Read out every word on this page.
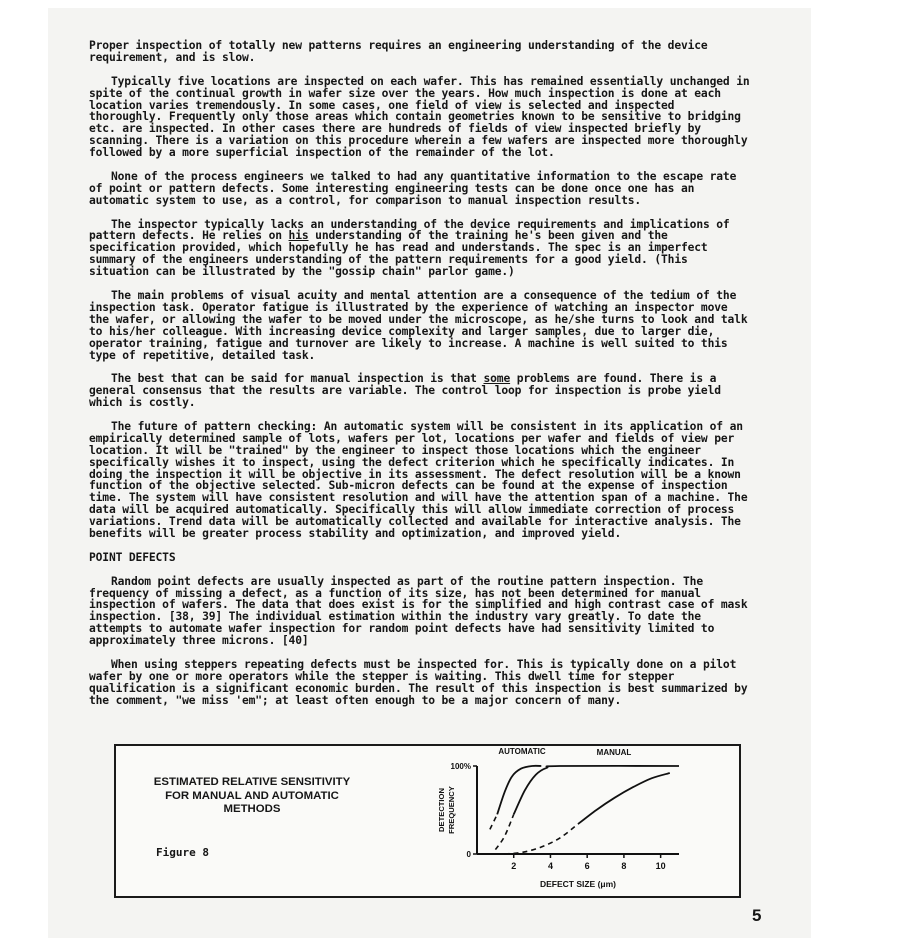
Proper inspection of totally new patterns requires an engineering understanding of the device requirement, and is slow.

Typically five locations are inspected on each wafer. This has remained essentially unchanged in spite of the continual growth in wafer size over the years. How much inspection is done at each location varies tremendously. In some cases, one field of view is selected and inspected thoroughly. Frequently only those areas which contain geometries known to be sensitive to bridging etc. are inspected. In other cases there are hundreds of fields of view inspected briefly by scanning. There is a variation on this procedure wherein a few wafers are inspected more thoroughly followed by a more superficial inspection of the remainder of the lot.

None of the process engineers we talked to had any quantitative information to the escape rate of point or pattern defects. Some interesting engineering tests can be done once one has an automatic system to use, as a control, for comparison to manual inspection results.

The inspector typically lacks an understanding of the device requirements and implications of pattern defects. He relies on his understanding of the training he's been given and the specification provided, which hopefully he has read and understands. The spec is an imperfect summary of the engineers understanding of the pattern requirements for a good yield. (This situation can be illustrated by the "gossip chain" parlor game.)

The main problems of visual acuity and mental attention are a consequence of the tedium of the inspection task. Operator fatigue is illustrated by the experience of watching an inspector move the wafer, or allowing the wafer to be moved under the microscope, as he/she turns to look and talk to his/her colleague. With increasing device complexity and larger samples, due to larger die, operator training, fatigue and turnover are likely to increase. A machine is well suited to this type of repetitive, detailed task.

The best that can be said for manual inspection is that some problems are found. There is a general consensus that the results are variable. The control loop for inspection is probe yield which is costly.

The future of pattern checking: An automatic system will be consistent in its application of an empirically determined sample of lots, wafers per lot, locations per wafer and fields of view per location. It will be "trained" by the engineer to inspect those locations which the engineer specifically wishes it to inspect, using the defect criterion which he specifically indicates. In doing the inspection it will be objective in its assessment. The defect resolution will be a known function of the objective selected. Sub-micron defects can be found at the expense of inspection time. The system will have consistent resolution and will have the attention span of a machine. The data will be acquired automatically. Specifically this will allow immediate correction of process variations. Trend data will be automatically collected and available for interactive analysis. The benefits will be greater process stability and optimization, and improved yield.

POINT DEFECTS

Random point defects are usually inspected as part of the routine pattern inspection. The frequency of missing a defect, as a function of its size, has not been determined for manual inspection of wafers. The data that does exist is for the simplified and high contrast case of mask inspection. [38, 39] The individual estimation within the industry vary greatly. To date the attempts to automate wafer inspection for random point defects have had sensitivity limited to approximately three microns. [40]

When using steppers repeating defects must be inspected for. This is typically done on a pilot wafer by one or more operators while the stepper is waiting. This dwell time for stepper qualification is a significant economic burden. The result of this inspection is best summarized by the comment, "we miss 'em"; at least often enough to be a major concern of many.

ESTIMATED RELATIVE SENSITIVITY FOR MANUAL AND AUTOMATIC METHODS
Figure 8
2	4	6	8	10
0
100%
DEFECT SIZE (μm)
DETECTION FREQUENCY
AUTOMATIC	MANUAL
5
